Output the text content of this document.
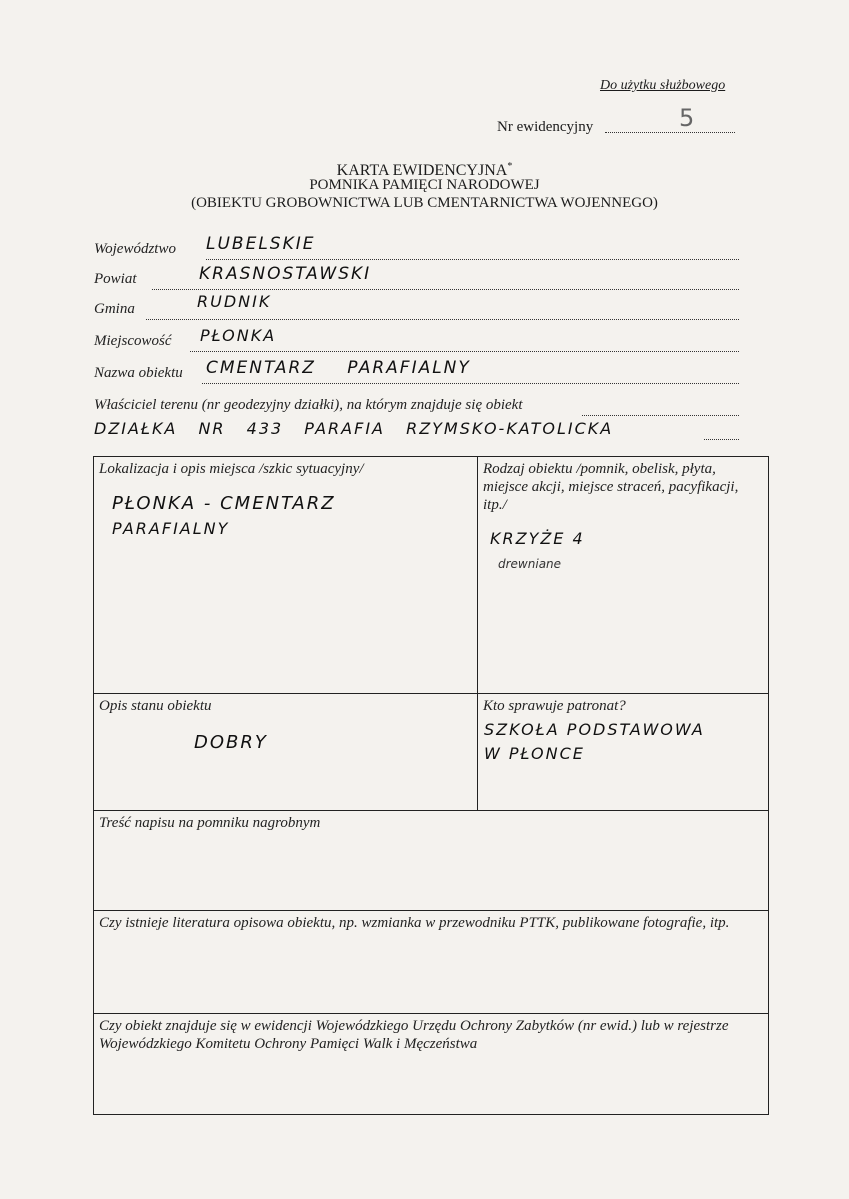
Do użytku służbowego
Nr ewidencyjny	5
KARTA EWIDENCYJNA*
POMNIKA PAMIĘCI NARODOWEJ
(OBIEKTU GROBOWNICTWA LUB CMENTARNICTWA WOJENNEGO)
Województwo LUBELSKIE
Powiat	KRASNOSTAWSKI
Gmina	RUDNIK
Miejscowość PŁONKA
Nazwa obiektu CMENTARZ PARAFIALNY
Właściciel terenu (nr geodezyjny działki), na którym znajduje się obiekt
DZIAŁKA NR 433 PARAFIA RZYMSKO-KATOLICKA
Lokalizacja i opis miejsca /szkic sytuacyjny/
PŁONKA - CMENTARZ
PARAFIALNY
Rodzaj obiektu /pomnik, obelisk, płyta, miejsce akcji, miejsce straceń, pacyfikacji, itp./
KRZYŻE 4
drewniane
Opis stanu obiektu
DOBRY
Kto sprawuje patronat?
SZKOŁA PODSTAWOWA
W PŁONCE
Treść napisu na pomniku nagrobnym
Czy istnieje literatura opisowa obiektu, np. wzmianka w przewodniku PTTK, publikowane fotografie, itp.
Czy obiekt znajduje się w ewidencji Wojewódzkiego Urzędu Ochrony Zabytków (nr ewid.) lub w rejestrze Wojewódzkiego Komitetu Ochrony Pamięci Walk i Męczeństwa
